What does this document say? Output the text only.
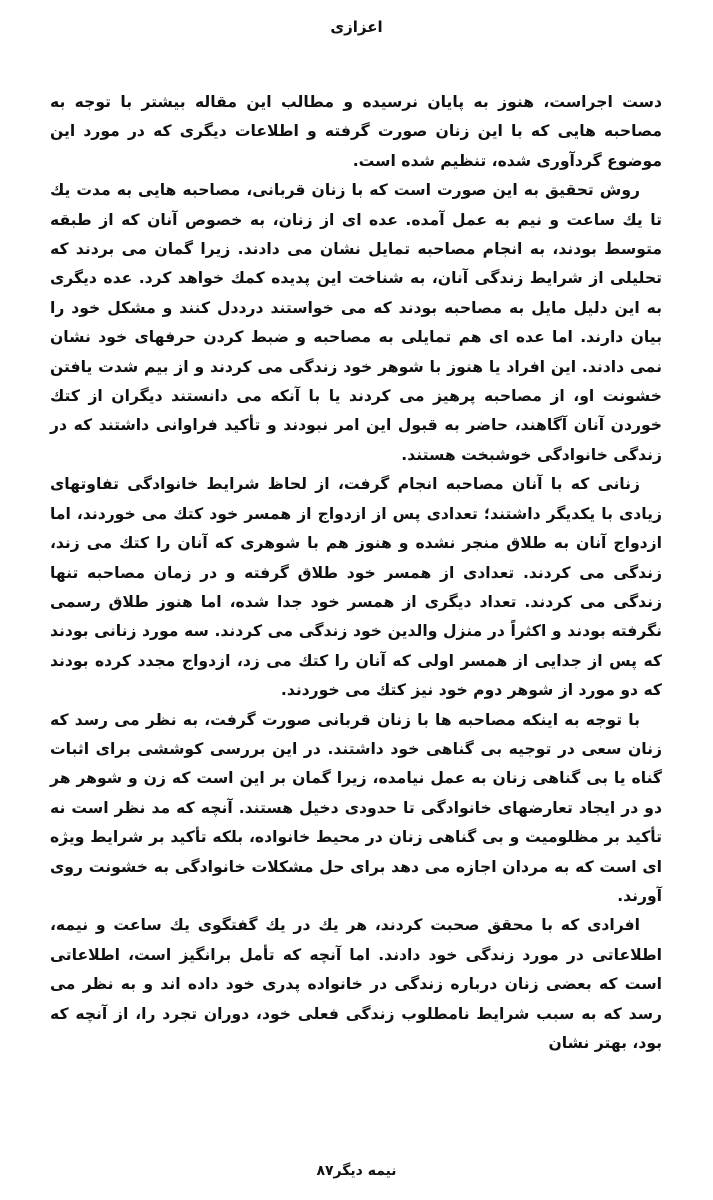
اعزازی

دست اجراست، هنوز به پایان نرسیده و مطالب این مقاله بیشتر با توجه به مصاحبه هایی که با این زنان صورت گرفته و اطلاعات دیگری که در مورد این موضوع گردآوری شده، تنظیم شده است.

روش تحقیق به این صورت است که با زنان قربانی، مصاحبه هایی به مدت یك تا یك ساعت و نیم به عمل آمده. عده ای از زنان، به خصوص آنان که از طبقه متوسط بودند، به انجام مصاحبه تمایل نشان می دادند. زیرا گمان می بردند که تحلیلی از شرایط زندگی آنان، به شناخت این پدیده کمك خواهد کرد. عده دیگری به این دلیل مایل به مصاحبه بودند که می خواستند درددل کنند و مشکل خود را بیان دارند. اما عده ای هم تمایلی به مصاحبه و ضبط کردن حرفهای خود نشان نمی دادند. این افراد یا هنوز با شوهر خود زندگی می کردند و از بیم شدت یافتن خشونت او، از مصاحبه پرهیز می کردند یا با آنکه می دانستند دیگران از کتك خوردن آنان آگاهند، حاضر به قبول این امر نبودند و تأکید فراوانی داشتند که در زندگی خانوادگی خوشبخت هستند.

زنانی که با آنان مصاحبه انجام گرفت، از لحاظ شرایط خانوادگی تفاوتهای زیادی با یکدیگر داشتند؛ تعدادی پس از ازدواج از همسر خود کتك می خوردند، اما ازدواج آنان به طلاق منجر نشده و هنوز هم با شوهری که آنان را کتك می زند، زندگی می کردند. تعدادی از همسر خود طلاق گرفته و در زمان مصاحبه تنها زندگی می کردند. تعداد دیگری از همسر خود جدا شده، اما هنوز طلاق رسمی نگرفته بودند و اکثراً در منزل والدین خود زندگی می کردند. سه مورد زنانی بودند که پس از جدایی از همسر اولی که آنان را کتك می زد، ازدواج مجدد کرده بودند که دو مورد از شوهر دوم خود نیز کتك می خوردند.

با توجه به اینکه مصاحبه ها با زنان قربانی صورت گرفت، به نظر می رسد که زنان سعی در توجیه بی گناهی خود داشتند. در این بررسی کوششی برای اثبات گناه یا بی گناهی زنان به عمل نیامده، زیرا گمان بر این است که زن و شوهر هر دو در ایجاد تعارضهای خانوادگی تا حدودی دخیل هستند. آنچه که مد نظر است نه تأکید بر مظلومیت و بی گناهی زنان در محیط خانواده، بلکه تأکید بر شرایط ویژه ای است که به مردان اجازه می دهد برای حل مشکلات خانوادگی به خشونت روی آورند.

افرادی که با محقق صحبت کردند، هر یك در یك گفتگوی یك ساعت و نیمه، اطلاعاتی در مورد زندگی خود دادند. اما آنچه که تأمل برانگیز است، اطلاعاتی است که بعضی زنان درباره زندگی در خانواده پدری خود داده اند و به نظر می رسد که به سبب شرایط نامطلوب زندگی فعلی خود، دوران تجرد را، از آنچه که بود، بهتر نشان

نیمه دیگر۸۷
